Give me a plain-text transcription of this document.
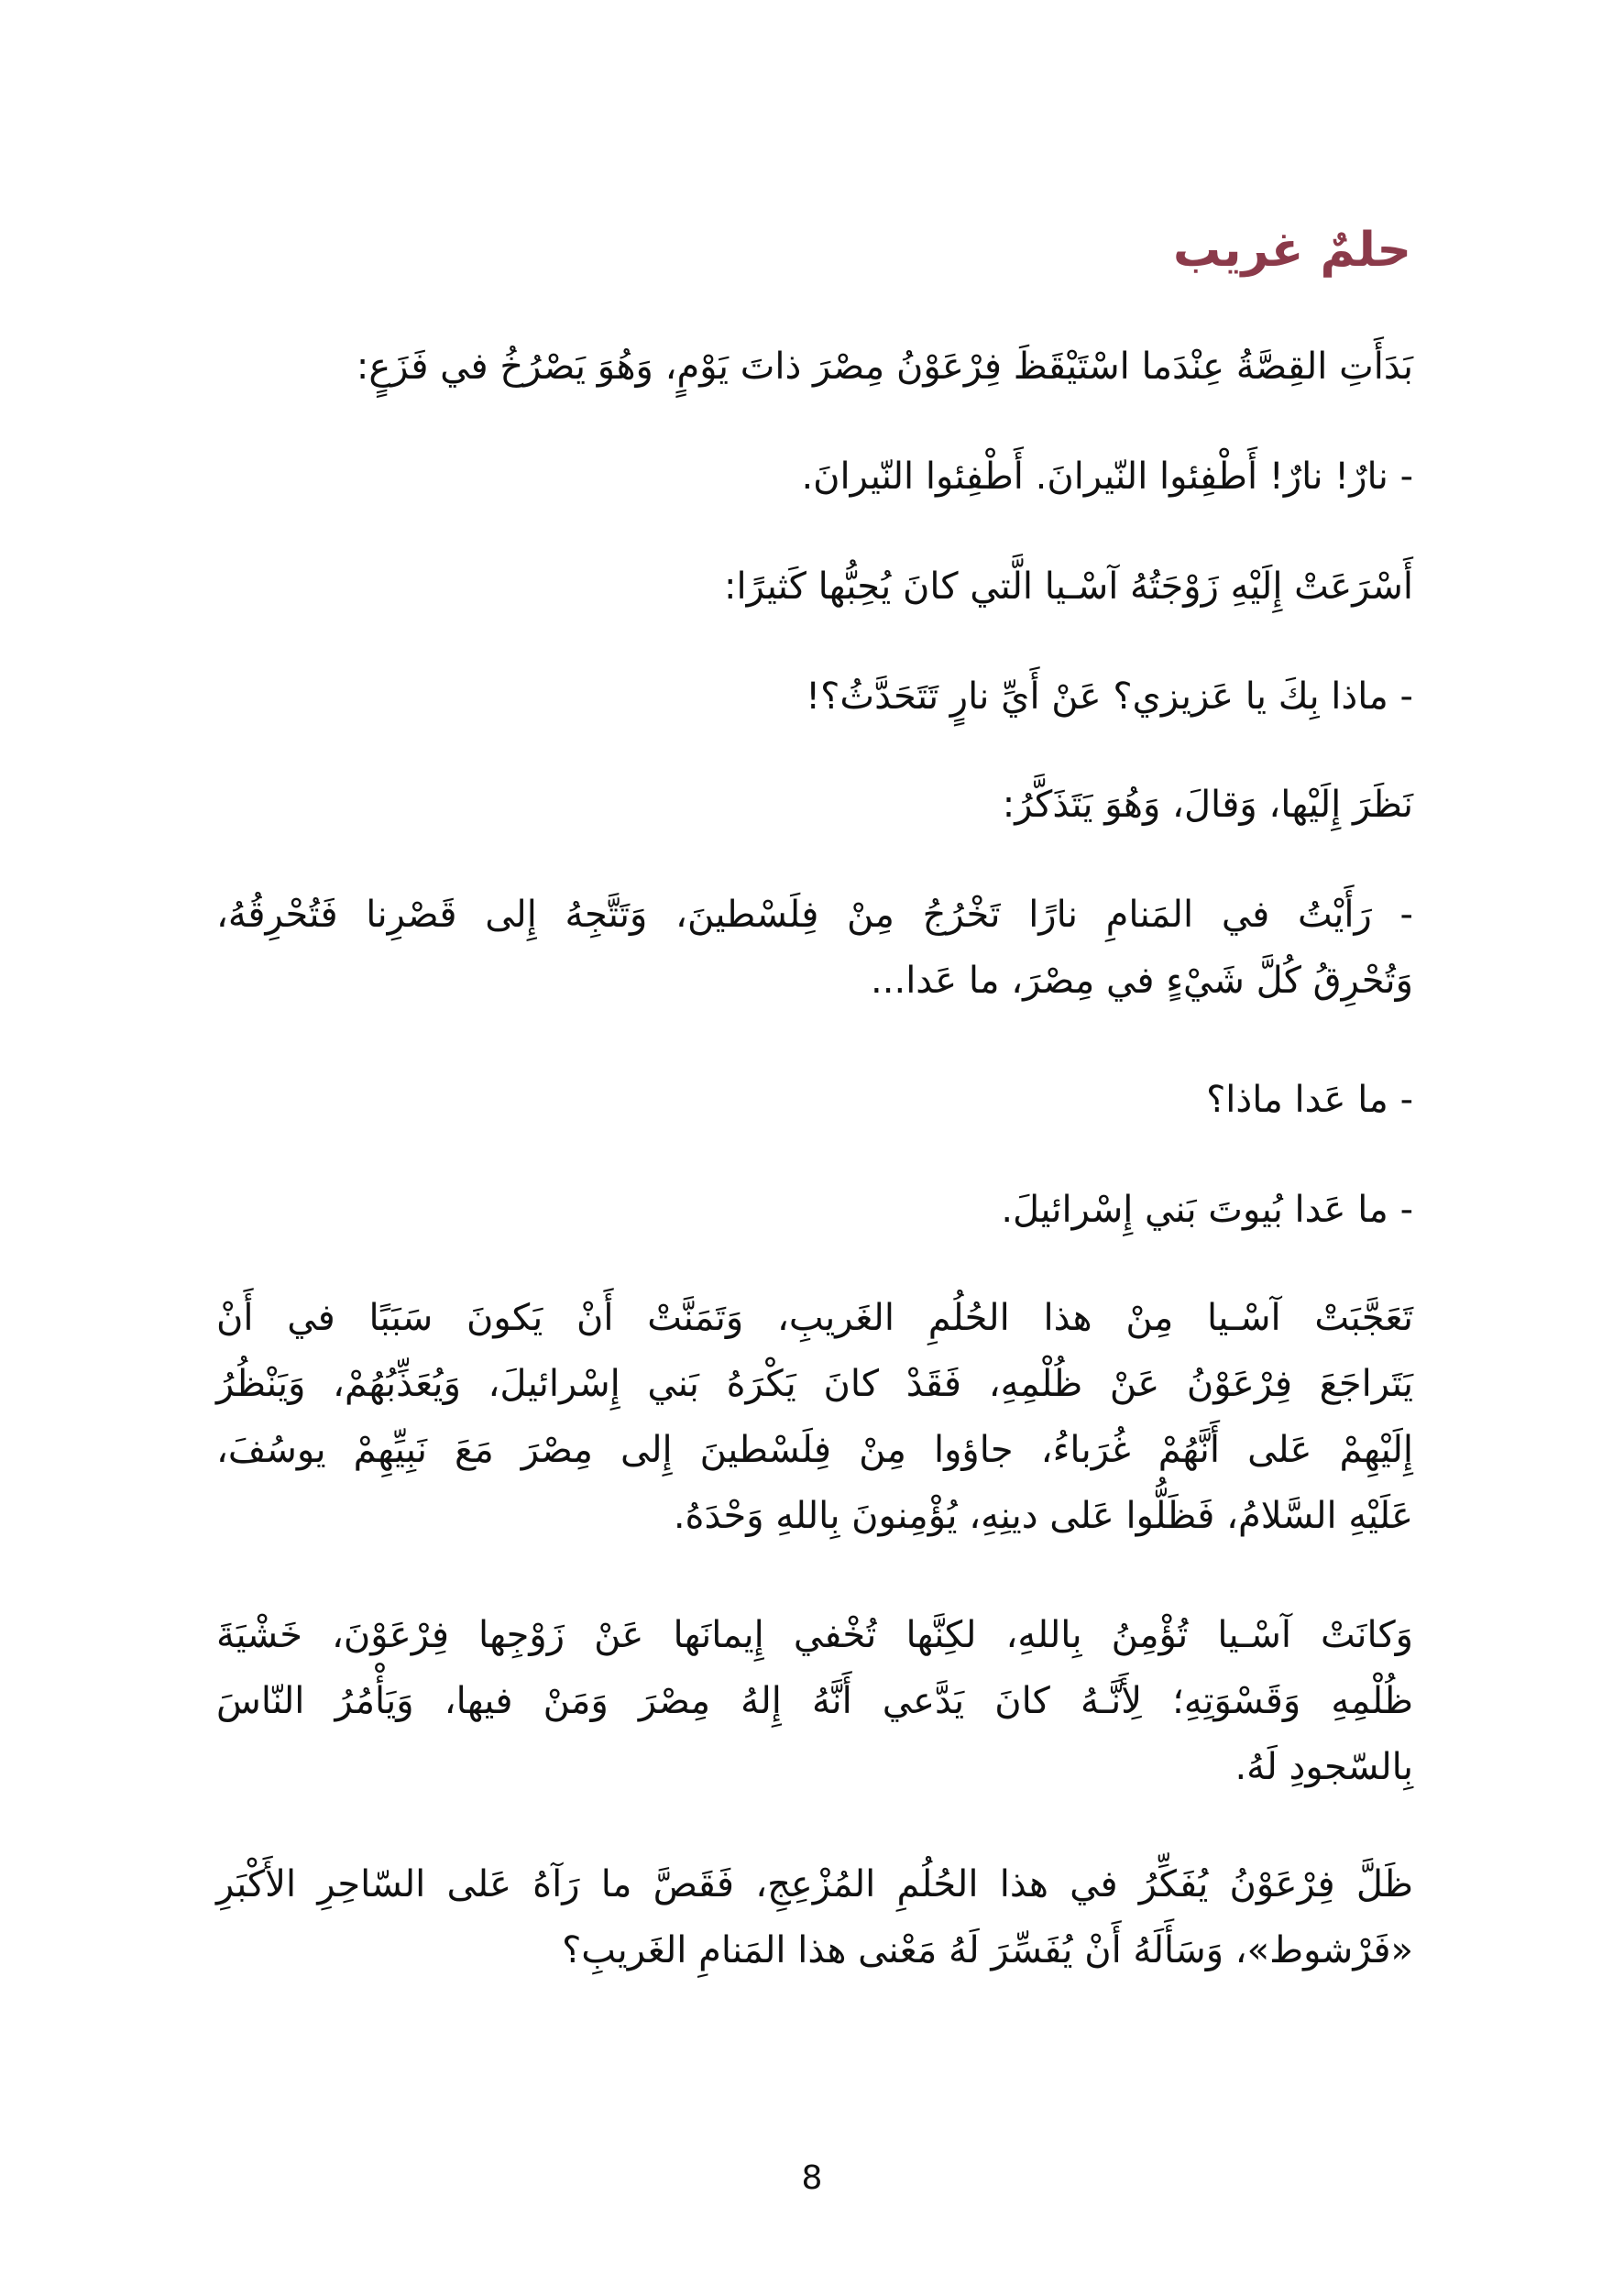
حلمٌ غريب
بَدَأَتِ القِصَّةُ عِنْدَما اسْتَيْقَظَ فِرْعَوْنُ مِصْرَ ذاتَ يَوْمٍ، وَهُوَ يَصْرُخُ في فَزَعٍ:
- نارٌ! نارٌ! أَطْفِئوا النّيرانَ. أَطْفِئوا النّيرانَ.
أَسْرَعَتْ إِلَيْهِ زَوْجَتُهُ آسْـيا الَّتي كانَ يُحِبُّها كَثيرًا:
- ماذا بِكَ يا عَزيزي؟ عَنْ أَيِّ نارٍ تَتَحَدَّثُ؟!
نَظَرَ إِلَيْها، وَقالَ، وَهُوَ يَتَذَكَّرُ:
- رَأَيْتُ في المَنامِ نارًا تَخْرُجُ مِنْ فِلَسْطينَ، وَتَتَّجِهُ إِلى قَصْرِنا فَتُحْرِقُهُ،
وَتُحْرِقُ كُلَّ شَيْءٍ في مِصْرَ، ما عَدا...
- ما عَدا ماذا؟
- ما عَدا بُيوتَ بَني إِسْرائيلَ.
تَعَجَّبَتْ آسْـيا مِنْ هذا الحُلُمِ الغَريبِ، وَتَمَنَّتْ أَنْ يَكونَ سَبَبًا في أَنْ
يَتَراجَعَ فِرْعَوْنُ عَنْ ظُلْمِهِ، فَقَدْ كانَ يَكْرَهُ بَني إِسْرائيلَ، وَيُعَذِّبُهُمْ، وَيَنْظُرُ
إِلَيْهِمْ عَلى أَنَّهُمْ غُرَباءُ، جاؤوا مِنْ فِلَسْطينَ إِلى مِصْرَ مَعَ نَبِيِّهِمْ يوسُفَ،
عَلَيْهِ السَّلامُ، فَظَلُّوا عَلى دينِهِ، يُؤْمِنونَ بِاللهِ وَحْدَهُ.
وَكانَتْ آسْـيا تُؤْمِنُ بِاللهِ، لكِنَّها تُخْفي إِيمانَها عَنْ زَوْجِها فِرْعَوْنَ، خَشْيَةَ
ظُلْمِهِ وَقَسْوَتِهِ؛ لِأَنَّـهُ كانَ يَدَّعي أَنَّهُ إِلهُ مِصْرَ وَمَنْ فيها، وَيَأْمُرُ النّاسَ
بِالسّجودِ لَهُ.
ظَلَّ فِرْعَوْنُ يُفَكِّرُ في هذا الحُلُمِ المُزْعِجِ، فَقَصَّ ما رَآهُ عَلى السّاحِرِ الأَكْبَرِ
«فَرْشوط»، وَسَأَلَهُ أَنْ يُفَسِّرَ لَهُ مَعْنى هذا المَنامِ الغَريبِ؟
8
